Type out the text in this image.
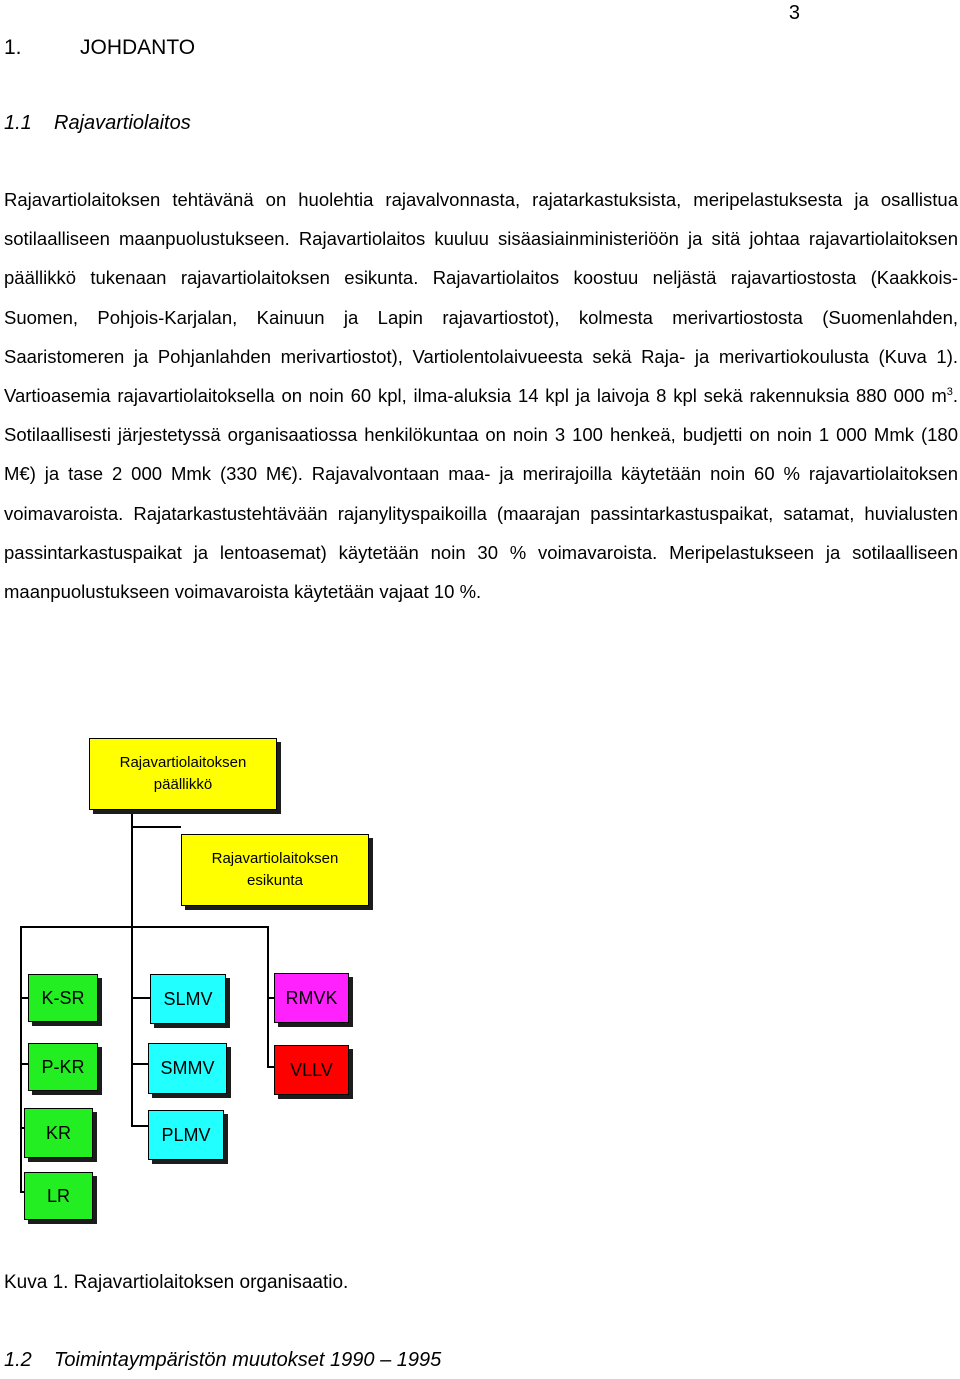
3
1.	JOHDANTO
1.1 Rajavartiolaitos

Rajavartiolaitoksen tehtävänä on huolehtia rajavalvonnasta, rajatarkastuksista, meripelastuksesta ja osallistua sotilaalliseen maanpuolustukseen. Rajavartiolaitos kuuluu sisäasiainministeriöön ja sitä johtaa rajavartiolaitoksen päällikkö tukenaan rajavartiolaitoksen esikunta. Rajavartiolaitos koostuu neljästä rajavartiostosta (Kaakkois-Suomen, Pohjois-Karjalan, Kainuun ja Lapin rajavartiostot), kolmesta merivartiostosta (Suomenlahden, Saaristomeren ja Pohjanlahden merivartiostot), Vartiolentolaivueesta sekä Raja- ja merivartiokoulusta (Kuva 1). Vartioasemia rajavartiolaitoksella on noin 60 kpl, ilma-aluksia 14 kpl ja laivoja 8 kpl sekä rakennuksia 880 000 $m^3$. Sotilaallisesti järjestetyssä organisaatiossa henkilökuntaa on noin 3 100 henkeä, budjetti on noin 1 000 Mmk (180 M€) ja tase 2 000 Mmk (330 M€). Rajavalvontaan maa- ja merirajoilla käytetään noin 60 % rajavartiolaitoksen voimavaroista. Rajatarkastustehtävään rajanylityspaikoilla (maarajan passintarkastuspaikat, satamat, huvialusten passintarkastuspaikat ja lentoasemat) käytetään noin 30 % voimavaroista. Meripelastukseen ja sotilaalliseen maanpuolustukseen voimavaroista käytetään vajaat 10 %.

Rajavartiolaitoksen
päällikkö
Rajavartiolaitoksen
esikunta
K-SR
P-KR
KR
LR
SLMV
SMMV
PLMV
RMVK
VLLV
Kuva 1. Rajavartiolaitoksen organisaatio.
1.2 Toimintaympäristön muutokset 1990 – 1995
